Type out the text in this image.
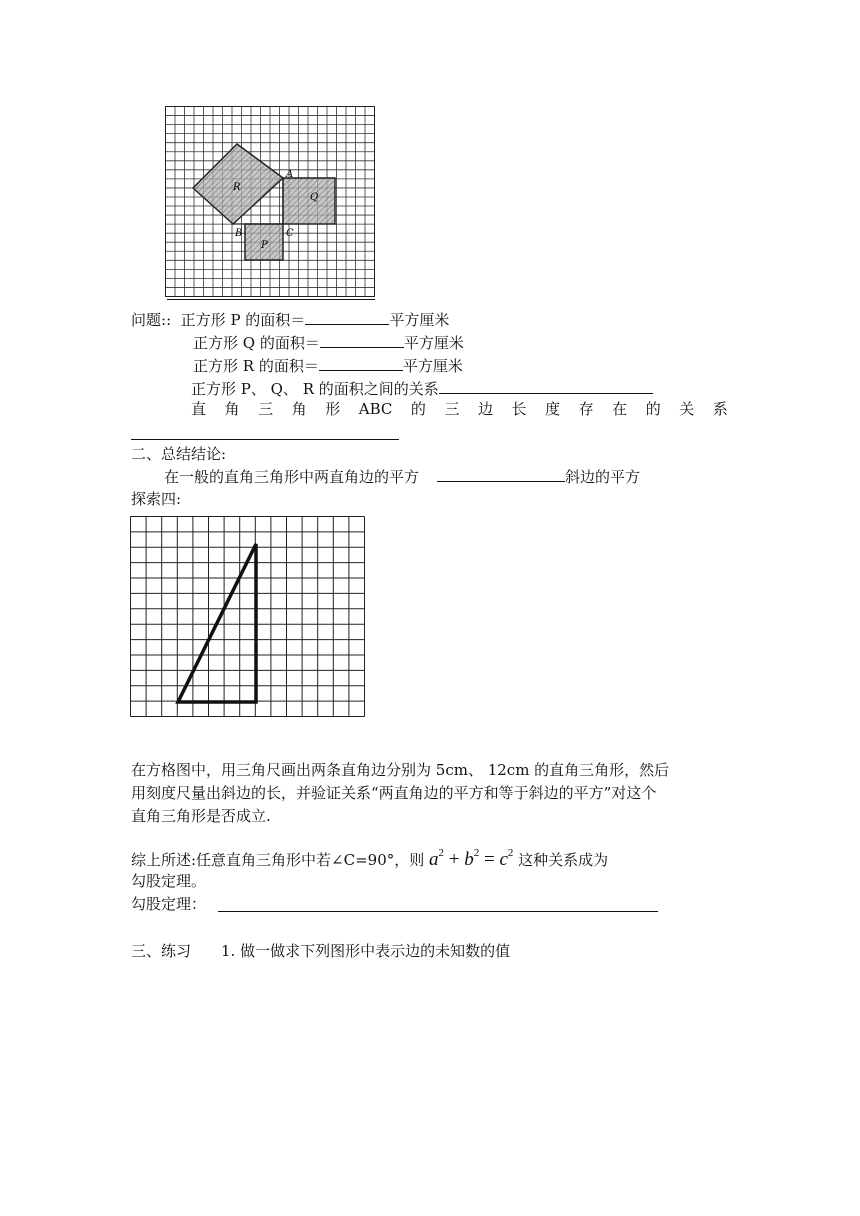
A
B	C
R
Q
P
问题:: 正方形 P 的面积＝	平方厘米
正方形 Q 的面积＝	平方厘米
正方形 R 的面积＝	平方厘米
正方形 P、 Q、 R 的面积之间的关系
直 角 三 角 形 ABC 的 三 边 长 度 存 在 的 关 系
二、总结结论:
在一般的直角三角形中两直角边的平方	斜边的平方
探索四:
在方格图中，用三角尺画出两条直角边分别为 5cm、 12cm 的直角三角形，然后
用刻度尺量出斜边的长，并验证关系“两直角边的平方和等于斜边的平方”对这个
直角三角形是否成立.
综上所述:任意直角三角形中若∠C=90°，则 $a^2 + b^2 = c^2$ 这种关系成为
勾股定理。
勾股定理：
三、练习 1. 做一做求下列图形中表示边的未知数的值
